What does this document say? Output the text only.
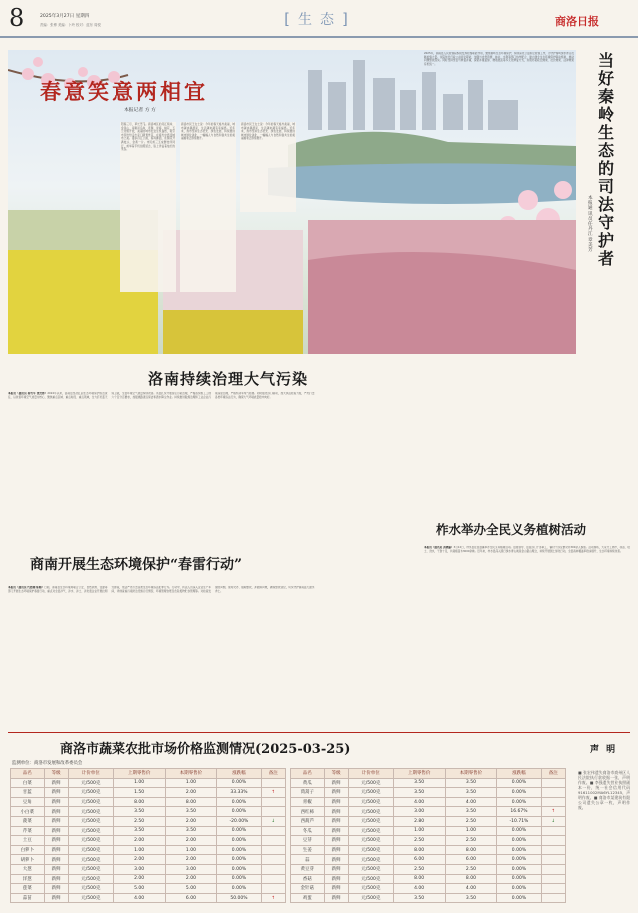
8	2025年3月27日 星期四
责编：张博 美编：卜玲 校对：蓝东 周悦	[生态]	商洛日报
春意笑意两相宜
本报记者 方 方
阳春三月，草长莺飞。商洛城区的丹江两岸、金凤山、南秦河沿岸，连翘、迎春、桃花、玉兰竞相开放，美丽的城市处处生机盎然，吸引市民纷纷走出家门踏青赏花，在春光中感受城市之美。漫步丹江公园，春风拂面，连翘花开满枝头，金黄一片。市民或三五成群结伴同行，或举着手机拍照留念，脸上洋溢着灿烂的笑容。
商洛市民王女士说：今年的春天格外美丽，城市越来越漂亮，生活越来越有幸福感。近年来，我市坚持生态优先、绿色发展，持续推进城市绿化美化，一幅幅人与自然和谐共生的美丽画卷正徐徐展开。
商洛市民王女士说：今年的春天格外美丽，城市越来越漂亮，生活越来越有幸福感。近年来，我市坚持生态优先、绿色发展，持续推进城市绿化美化，一幅幅人与自然和谐共生的美丽画卷正徐徐展开。
2025年，商南县人民检察院积极发挥检察职能作用，聚焦秦岭生态环境保护，持续深化公益诉讼检察工作，为守护秦岭绿水青山贡献检察力量。该院依托行政公益诉讼职能，加强与自然资源、林业、水利等部门协作配合，建立健全生态环境保护联动机制，推动问题整改落实。同时坚持惩治与修复并重，探索补植复绿、增殖放流等多元化修复方式，实现办案政治效果、社会效果、法律效果有机统一。	当好秦岭生态的司法守护者
本报通讯员 任丹江 章美芳
洛南持续治理大气污染
本报讯（通讯员 杨雪军 张贵锋）2024年以来，洛南县坚决扛起生态环境保护政治责任，以改善环境空气质量为核心，聚焦重点区域、重点时段、重点领域，全力打好蓝天保卫战，全县环境空气质量持续改善。该县扎实开展扬尘污染治理，严格落实施工工地六个百分百要求，加强道路清扫保洁和洒水降尘作业。持续推进散煤治理和工业企业污染深度治理，严格机动车尾气检测。同时强化部门联动，加大执法检查力度，严厉打击各类环境违法行为，确保大气环境质量稳中向好。
柞水举办全民义务植树活动
本报讯（通讯员 黄晓丽）3月12日，柞水县在营盘镇举办全民义务植树活动。县级领导、县直部门干部职工、镇村干部及群众共300余人参加。活动现场，大家分工协作，扶苗、培土、浇水，干劲十足，共栽植苗木3000余株。近年来，柞水县深入践行绿水青山就是金山银山理念，持续开展国土绿化行动，全县森林覆盖率稳步提升，生态环境持续改善。
商南开展生态环境保护“春雷行动”
本报讯（通讯员 代德刚 陈刚）日前，商南县生态环境局联合公安、自然资源、住建等部门开展生态环境保护春雷行动，重点对全县涉气、涉水、涉土、涉危废企业开展拉网式排查，依法严厉打击各类生态环境违法犯罪行为。行动中，执法人员深入企业生产车间，详细查看污染防治设施运行情况、环境管理台账及危险废物贮存管理等。对检查发现的问题，现场交办、限期整改，并跟踪问效，确保整改到位，切实守护商南蓝天碧水净土。
商洛市蔬菜农批市场价格监测情况(2025-03-25)
监测单位：商洛市发展和改革委员会
品名	等级	计价单位	上期零售价	本期零售价	涨跌幅	备注
白菜	新鲜	元/500克	1.00	1.00	0.00%	
甘蓝	新鲜	元/500克	1.50	2.00	33.33%	↑
豆角	新鲜	元/500克	8.00	8.00	0.00%	
小白菜	新鲜	元/500克	3.50	3.50	0.00%	
菠菜	新鲜	元/500克	2.50	2.00	-20.00%	↓
芹菜	新鲜	元/500克	3.50	3.50	0.00%	
土豆	新鲜	元/500克	2.00	2.00	0.00%	
白萝卜	新鲜	元/500克	1.00	1.00	0.00%	
胡萝卜	新鲜	元/500克	2.00	2.00	0.00%	
大葱	新鲜	元/500克	3.00	3.00	0.00%	
洋葱	新鲜	元/500克	2.00	2.00	0.00%	
莲菜	新鲜	元/500克	5.00	5.00	0.00%	
蒜苗	新鲜	元/500克	4.00	6.00	50.00%	↑
品名	等级	计价单位	上期零售价	本期零售价	涨跌幅	备注
黄瓜	新鲜	元/500克	3.50	3.50	0.00%	
茼蒿子	新鲜	元/500克	3.50	3.50	0.00%	
青椒	新鲜	元/500克	4.00	4.00	0.00%	
西红柿	新鲜	元/500克	3.00	3.50	16.67%	↑
西葫芦	新鲜	元/500克	2.80	2.50	-10.71%	↓
冬瓜	新鲜	元/500克	1.00	1.00	0.00%	
豆芽	新鲜	元/500克	2.50	2.50	0.00%	
生姜	新鲜	元/500克	8.00	8.00	0.00%	
蒜	新鲜	元/500克	6.00	6.00	0.00%	
黄豆芽	新鲜	元/500克	2.50	2.50	0.00%	
香菇	新鲜	元/500克	8.00	8.00	0.00%	
金针菇	新鲜	元/500克	4.00	4.00	0.00%	
鸡蛋	新鲜	元/500克	3.50	3.50	0.00%	
声 明
■ 张宏伟遗失商洛市商州区人民法院执行款收据一张，声明作废。■ 李强遗失营业执照副本一份，统一社会信用代码91611002MA6YL12345，声明作废。■ 商洛市某建筑有限公司遗失公章一枚，声明作废。
